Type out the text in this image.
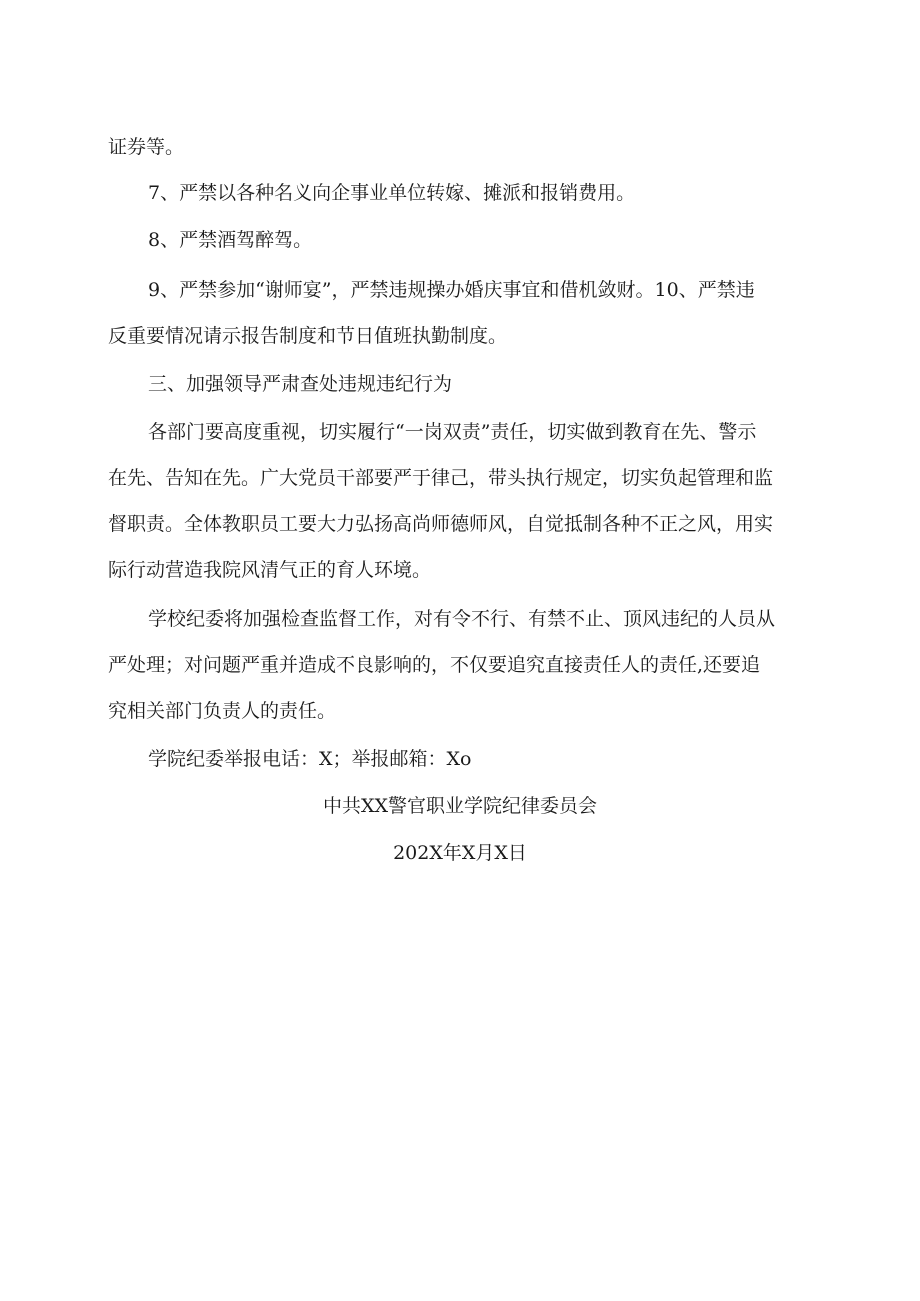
证券等。
7、严禁以各种名义向企事业单位转嫁、摊派和报销费用。
8、严禁酒驾醉驾。
9、严禁参加“谢师宴”，严禁违规操办婚庆事宜和借机敛财。10、严禁违
反重要情况请示报告制度和节日值班执勤制度。
三、加强领导严肃查处违规违纪行为
各部门要高度重视，切实履行“一岗双责”责任，切实做到教育在先、警示
在先、告知在先。广大党员干部要严于律己，带头执行规定，切实负起管理和监
督职责。全体教职员工要大力弘扬高尚师德师风，自觉抵制各种不正之风，用实
际行动营造我院风清气正的育人环境。
学校纪委将加强检查监督工作，对有令不行、有禁不止、顶风违纪的人员从
严处理；对问题严重并造成不良影响的，不仅要追究直接责任人的责任,还要追
究相关部门负责人的责任。
学院纪委举报电话：X；举报邮箱：Xo
中共XX警官职业学院纪律委员会
202X年X月X日
